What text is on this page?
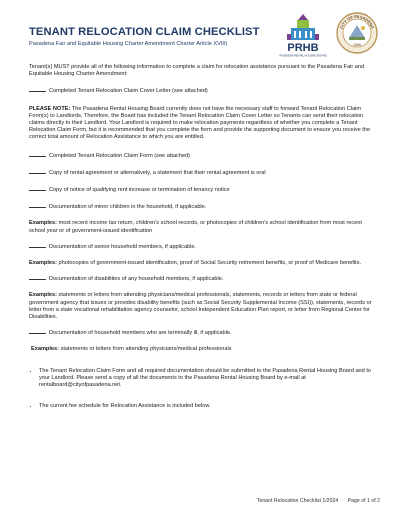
TENANT RELOCATION CLAIM CHECKLIST
Pasadena Fair and Equitable Housing Charter Amendment Charter Article XVIII)	PRHB
PASADENA RENTAL HOUSING BOARD
CITY OF PASADENA
1886

Tenant(s) MUST provide all of the following information to complete a claim for relocation assistance pursuant to the Pasadena Fair and Equitable Housing Charter Amendment:

Completed Tenant Relocation Claim Cover Letter (see attached)

PLEASE NOTE: The Pasadena Rental Housing Board currently does not have the necessary staff to forward Tenant Relocation Claim Form(s) to Landlords. Therefore, the Board has included the Tenant Relocation Claim Cover Letter so Tenants can send their relocation claims directly to their Landlord. Your Landlord is required to make relocation payments regardless of whether you complete a Tenant Relocation Claim Form, but it is recommended that you complete the form and provide the supporting document to ensure you receive the correct total amount of Relocation Assistance to which you are entitled.

Completed Tenant Relocation Claim Form (see attached)

Copy of rental agreement or alternatively, a statement that their rental agreement is oral

Copy of notice of qualifying rent increase or termination of tenancy notice

Documentation of minor children in the household, if applicable.

Examples: most recent income tax return, children's school records, or photocopies of children's school identification from most recent school year or of government-issued identification

Documentation of senior household members, if applicable.

Examples: photocopies of government-issued identification, proof of Social Security retirement benefits, or proof of Medicare benefits.

Documentation of disabilities of any household members, if applicable.

Examples: statements or letters from attending physicians/medical professionals, statements, records or letters from state or federal government agency that issues or provides disability benefits (such as Social Security Supplemental Income (SSI)), statements, records or letter from a state vocational rehabilitation agency counselor, school Independent Education Plan report, or letter from Regional Center for Disabilities.

Documentation of household members who are terminally ill, if applicable.

Examples: statements or letters from attending physicians/medical professionals

• The Tenant Relocation Claim Form and all required documentation should be submitted to the Pasadena Rental Housing Board and to your Landlord. Please send a copy of all the documents to the Pasadena Rental Housing Board by e-mail at rentalboard@cityofpasadena.net.
• The current fee schedule for Relocation Assistance is included below.
Tenant Relocation Checklist 1/2024 Page of 1 of 2
